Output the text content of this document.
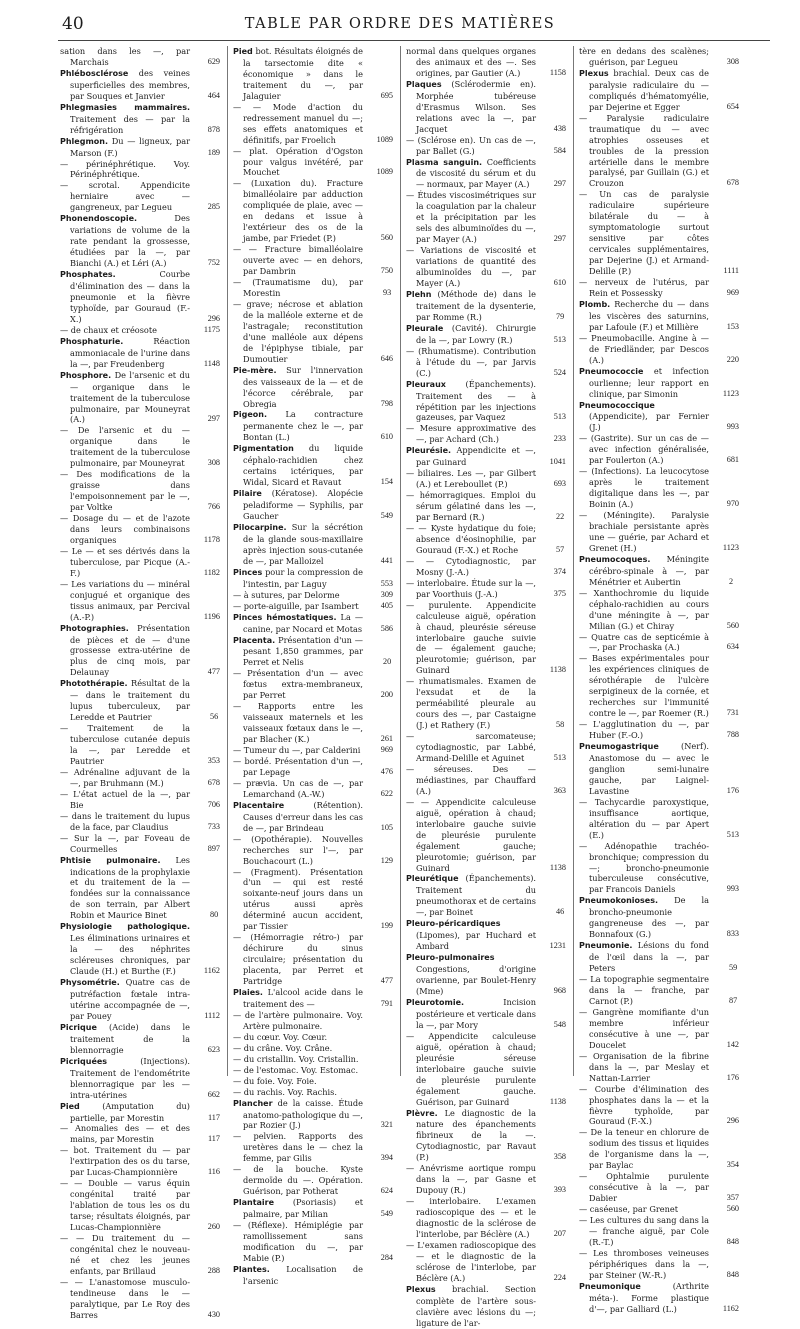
40	TABLE PAR ORDRE DES MATIÈRES
sation dans les —, par Marchais	629
Phlébosclérose des veines superficielles des membres, par Souques et Janvier	464
Phlegmasies mammaires. Traitement des — par la réfrigération	878
Phlegmon. Du — ligneux, par Marson (F.)	189
— périnéphrétique. Voy. Périnéphrétique.
— scrotal. Appendicite herniaire avec — gangreneux, par Legueu	285
Phonendoscopie.	Des variations de volume de la rate pendant la grossesse, étudiées par la —, par Bianchi (A.) et Léri (A.)	752
Phosphates.	Courbe d'élimination des — dans la pneumonie et la fièvre typhoïde, par Gouraud (F.-X.)	296
— de chaux et créosote	1175
Phosphaturie.	Réaction ammoniacale de l'urine dans la —, par Freudenberg	1148
Phosphore. De l'arsenic et du — organique dans le traitement de la tuberculose pulmonaire, par Mouneyrat (A.)	297
— De l'arsenic et du — organique dans le traitement de la tuberculose pulmonaire, par Mouneyrat	308
— Des modifications de la graisse dans l'empoisonnement par le —, par Voltke	766
— Dosage du — et de l'azote dans leurs combinaisons organiques	1178
— Le — et ses dérivés dans la tuberculose, par Picque (A.-F.)	1182
— Les variations du — minéral conjugué et organique des tissus animaux, par Percival (A.-P.)	1196
Photographies. Présentation de pièces et de — d'une grossesse extra-utérine de plus de cinq mois, par Delaunay	477
Photothérapie. Résultat de la — dans le traitement du lupus tuberculeux, par Leredde et Pautrier	56
— Traitement de la tuberculose cutanée depuis la —, par Leredde et Pautrier	353
— Adrénaline adjuvant de la —, par Bruhmann (M.)	678
— L'état actuel de la —, par Bie	706
— dans le traitement du lupus de la face, par Claudius	733
— Sur la —, par Foveau de Courmelles	897
Phtisie pulmonaire. Les indications de la prophylaxie et du traitement de la — fondées sur la connaissance de son terrain, par Albert Robin et Maurice Binet	80
Physiologie pathologique. Les éliminations urinaires et la — des néphrites scléreuses chroniques, par Claude (H.) et Burthe (F.)	1162
Physométrie. Quatre cas de putréfaction fœtale intra-utérine accompagnée de —, par Pouey	1112
Picrique (Acide) dans le traitement de la blennorragie	623
Picriquées	(Injections). Traitement de l'endométrite blennorragique par les — intra-utérines	662
Pied	(Amputation du) partielle, par Morestin	117
— Anomalies des — et des mains, par Morestin	117
— bot. Traitement du — par l'extirpation des os du tarse, par Lucas-Championnière	116
— — Double — varus équin congénital traité par l'ablation de tous les os du tarse; résultats éloignés, par Lucas-Championnière	260
— — Du traitement du — congénital chez le nouveau-né et chez les jeunes enfants, par Brillaud	288
— — L'anastomose musculo-tendineuse dans le — paralytique, par Le Roy des Barres	430
Pied bot. Résultats éloignés de la tarsectomie dite « économique » dans le traitement du —, par Jalaguier	695
— — Mode d'action du redressement manuel du —; ses effets anatomiques et définitifs, par Froelich	1089
— plat. Opération d'Ogston pour valgus invétéré, par Mouchet	1089
— (Luxation du). Fracture bimalléolaire par adduction compliquée de plaie, avec — en dedans et issue à l'extérieur des os de la jambe, par Friedet (P.)	560
— — Fracture bimalléolaire ouverte avec — en dehors, par Dambrin	750
— (Traumatisme du), par Morestin	93
— grave; nécrose et ablation de la malléole externe et de l'astragale; reconstitution d'une malléole aux dépens de l'épiphyse tibiale, par Dumoutier	646
Pie-mère. Sur l'innervation des vaisseaux de la — et de l'écorce cérébrale, par Obregia	798
Pigeon. La contracture permanente chez le —, par Bontan (L.)	610
Pigmentation du liquide céphalo-rachidien chez certains ictériques, par Widal, Sicard et Ravaut	154
Pilaire (Kératose). Alopécie peladiforme — Syphilis, par Gaucher	549
Pilocarpine. Sur la sécrétion de la glande sous-maxillaire après injection sous-cutanée de —, par Malloizel	441
Pinces pour la compression de l'intestin, par Laguy	553
— à sutures, par Delorme	309
— porte-aiguille, par Isambert	405
Pinces hémostatiques. La — canine, par Nocard et Motas 586
Placenta. Présentation d'un — pesant 1,850 grammes, par Perret et Nelis	20
— Présentation d'un — avec fœtus extra-membraneux, par Perret	200
— Rapports entre les vaisseaux maternels et les vaisseaux fœtaux dans le —, par Blacher (K.)	261
— Tumeur du —, par Calderini 969
— bordé. Présentation d'un —, par Lepage	476
— prævia. Un cas de —, par Lemarchand (A.-W.)	622
Placentaire	(Rétention). Causes d'erreur dans les cas de —, par Brindeau	105
— (Opothérapie). Nouvelles recherches sur l'—, par Bouchacourt (L.)	129
— (Fragment). Présentation d'un — qui est resté soixante-neuf jours dans un utérus aussi après déterminé aucun accident, par Tissier	199
— (Hémorragie rétro-) par déchirure du sinus circulaire; présentation du placenta, par Perret et Partridge	477
Plaies. L'alcool acide dans le traitement des —	791
— de l'artère pulmonaire. Voy. Artère pulmonaire.
— du cœur. Voy. Cœur.
— du crâne. Voy. Crâne.
— du cristallin. Voy. Cristallin.
— de l'estomac. Voy. Estomac.
— du foie. Voy. Foie.
— du rachis. Voy. Rachis.
Plancher de la caisse. Étude anatomo-pathologique du —, par Rozier (J.)	321
— pelvien. Rapports des uretères dans le — chez la femme, par Gilis	394
— de la bouche. Kyste dermoïde du —. Opération. Guérison, par Potherat	624
Plantaire (Psoriasis) et palmaire, par Milian	549
— (Réflexe). Hémiplégie par ramollissement sans modification du —, par Mabie (P.)	284
Plantes. Localisation de l'arsenic
normal dans quelques organes des animaux et des —. Ses origines, par Gautier (A.)	1158
Plaques (Sclérodermie en). Morphée tubéreuse d'Erasmus Wilson. Ses relations avec la —, par Jacquet	438
— (Sclérose en). Un cas de —, par Ballet (G.)	584
Plasma sanguin. Coefficients de viscosité du sérum et du — normaux, par Mayer (A.)	297
— Études viscosimétriques sur la coagulation par la chaleur et la précipitation par les sels des albuminoïdes du —, par Mayer (A.)	297
— Variations de viscosité et variations de quantité des albuminoïdes du —, par Mayer (A.)	610
Plehn (Méthode de) dans le traitement de la dysenterie, par Romme (R.)	79
Pleurale (Cavité). Chirurgie de la —, par Lowry (R.)	513
— (Rhumatisme). Contribution à l'étude du —, par Jarvis (C.)	524
Pleuraux (Épanchements). Traitement des — à répétition par les injections gazeuses, par Vaquez	513
— Mesure approximative des —, par Achard (Ch.)	233
Pleurésie. Appendicite et —, par Guinard	1041
— biliaires. Les —, par Gilbert (A.) et Lereboullet (P.)	693
— hémorragiques. Emploi du sérum gélatiné dans les —, par Bernard (R.)	22
— — Kyste hydatique du foie; absence d'éosinophilie, par Gouraud (F.-X.) et Roche	57
— — Cytodiagnostic, par Mosny (J.-A.)	374
— interlobaire. Étude sur la —, par Voorthuis (J.-A.)	375
— purulente. Appendicite calculeuse aiguë, opération à chaud, pleurésie séreuse interlobaire gauche suivie de — également gauche; pleurotomie; guérison, par Guinard	1138
— rhumatismales. Examen de l'exsudat et de la perméabilité pleurale au cours des —, par Castaigne (J.) et Rathery (F.)	58
— sarcomateuse; cytodiagnostic, par Labbé, Armand-Delille et Aguinet	513
— séreuses. Des — médiastines, par Chauffard (A.)	363
— — Appendicite calculeuse aiguë, opération à chaud; interlobaire gauche suivie de pleurésie purulente également gauche; pleurotomie; guérison, par Guinard	1138
Pleurétique (Épanchements). Traitement du pneumothorax et de certains —, par Boinet	46
Pleuro-péricardiques (Lipomes), par Huchard et Ambard	1231
Pleuro-pulmonaires Congestions, d'origine ovarienne, par Boulet-Henry (Mme)	968
Pleurotomie.	Incision postérieure et verticale dans la —, par Mory	548
— Appendicite calculeuse aiguë, opération à chaud; pleurésie séreuse interlobaire gauche suivie de pleurésie purulente également gauche. Guérison, par Guinard	1138
Plèvre. Le diagnostic de la nature des épanchements fibrineux de la —. Cytodiagnostic, par Ravaut (P.)	358
— Anévrisme aortique rompu dans la —, par Gasne et Dupouy (R.)	393
— interlobaire. L'examen radioscopique des — et le diagnostic de la sclérose de l'interlobe, par Béclère (A.)	207
— L'examen radioscopique des — et le diagnostic de la sclérose de l'interlobe, par Béclère (A.)	224
Plexus brachial. Section complète de l'artère sous-clavière avec lésions du —; ligature de l'ar-
tère en dedans des scalènes; guérison, par Legueu	308
Plexus brachial. Deux cas de paralysie radiculaire du — compliqués d'hématomyélie, par Dejerine et Egger	654
— Paralysie radiculaire traumatique du — avec atrophies osseuses et troubles de la pression artérielle dans le membre paralysé, par Guillain (G.) et Crouzon	678
— Un cas de paralysie radiculaire supérieure bilatérale du — à symptomatologie surtout sensitive par côtes cervicales supplémentaires, par Dejerine (J.) et Armand-Delille (P.)	1111
— nerveux de l'utérus, par Rein et Possessky	969
Plomb. Recherche du — dans les viscères des saturnins, par Lafoule (F.) et Millière	153
— Pneumobacille. Angine à — de Friedländer, par Descos (A.)	220
Pneumococcie et infection ourlienne; leur rapport en clinique, par Simonin	1123
Pneumococcique (Appendicite), par Fernier (J.)	993
— (Gastrite). Sur un cas de — avec infection généralisée, par Foulerton (A.)	681
— (Infections). La leucocytose après le traitement digitalique dans les —, par Boinin (A.)	970
— (Méningite). Paralysie brachiale persistante après une — guérie, par Achard et Grenet (H.)	1123
Pneumocoques. Méningite cérébro-spinale à —, par Ménétrier et Aubertin	2
— Xanthochromie du liquide céphalo-rachidien au cours d'une méningite à —, par Milian (G.) et Chiray	560
— Quatre cas de septicémie à —, par Prochaska (A.)	634
— Bases expérimentales pour les expériences cliniques de sérothérapie de l'ulcère serpigineux de la cornée, et recherches sur l'immunité contre le —, par Roemer (R.) 731
— L'agglutination du —, par Huber (F.-O.)	788
Pneumogastrique	(Nerf). Anastomose du — avec le ganglion semi-lunaire gauche, par Laignel-Lavastine	176
— Tachycardie paroxystique, insuffisance aortique, altération du — par Apert (E.)	513
— Adénopathie trachéo-bronchique; compression du —; broncho-pneumonie tuberculeuse consécutive, par Francois Daniels	993
Pneumokonioses. De la broncho-pneumonie gangreneuse des —, par Bonnafoux (G.)	833
Pneumonie. Lésions du fond de l'œil dans la —, par Peters	59
— La topographie segmentaire dans la — franche, par Carnot (P.)	87
— Gangrène momifiante d'un membre inférieur consécutive à une —, par Doucelet	142
— Organisation de la fibrine dans la —, par Meslay et Nattan-Larrier	176
— Courbe d'élimination des phosphates dans la — et la fièvre typhoïde, par Gouraud (F.-X.)	296
— De la teneur en chlorure de sodium des tissus et liquides de l'organisme dans la —, par Baylac	354
— Ophtalmie purulente consécutive à la —, par Dabier	357
— caséeuse, par Grenet	560
— Les cultures du sang dans la — franche aiguë, par Cole (R.-T.)	848
— Les thromboses veineuses périphériques dans la —, par Steiner (W.-R.)	848
Pneumonique	(Arthrite méta-). Forme plastique d'—, par Galliard (L.)	1162
